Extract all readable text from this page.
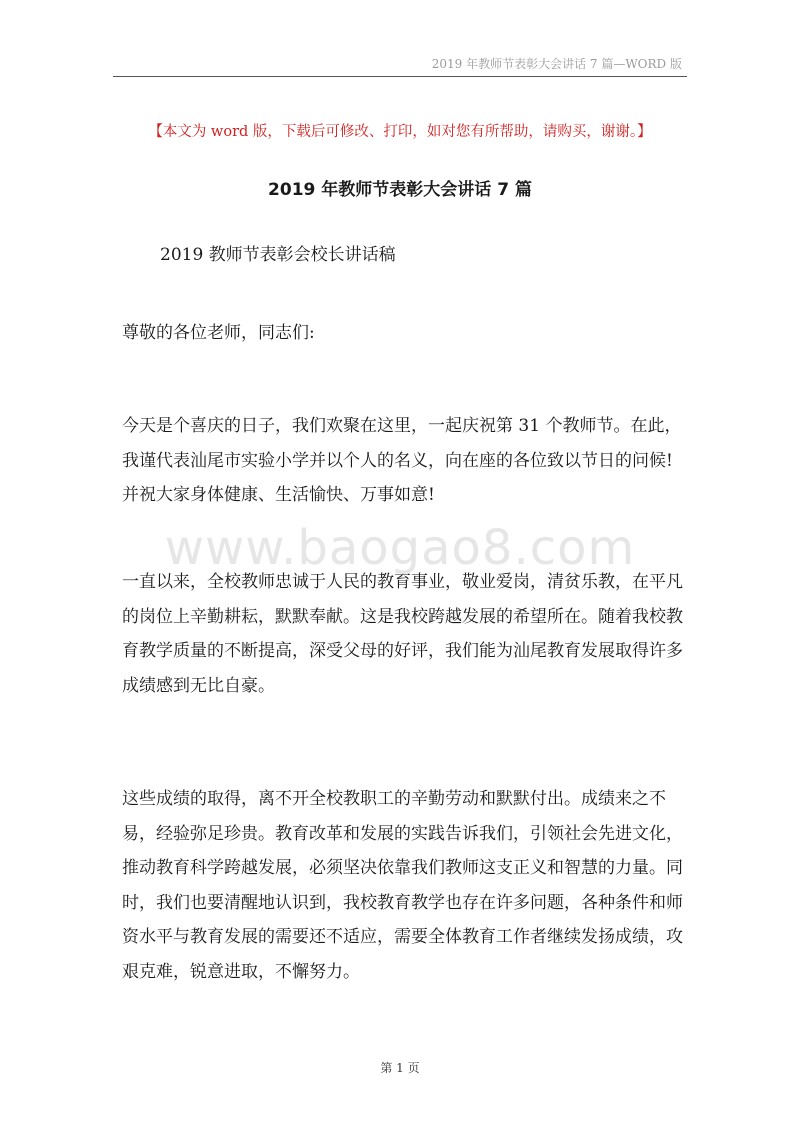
2019 年教师节表彰大会讲话 7 篇—WORD 版
【本文为 word 版，下载后可修改、打印，如对您有所帮助，请购买，谢谢。】
2019 年教师节表彰大会讲话 7 篇
2019 教师节表彰会校长讲话稿

尊敬的各位老师，同志们:

今天是个喜庆的日子，我们欢聚在这里，一起庆祝第 31 个教师节。在此，我谨代表汕尾市实验小学并以个人的名义，向在座的各位致以节日的问候!并祝大家身体健康、生活愉快、万事如意!

一直以来，全校教师忠诚于人民的教育事业，敬业爱岗，清贫乐教，在平凡的岗位上辛勤耕耘，默默奉献。这是我校跨越发展的希望所在。随着我校教育教学质量的不断提高，深受父母的好评，我们能为汕尾教育发展取得许多成绩感到无比自豪。

这些成绩的取得，离不开全校教职工的辛勤劳动和默默付出。成绩来之不易，经验弥足珍贵。教育改革和发展的实践告诉我们，引领社会先进文化，推动教育科学跨越发展，必须坚决依靠我们教师这支正义和智慧的力量。同时，我们也要清醒地认识到，我校教育教学也存在许多问题，各种条件和师资水平与教育发展的需要还不适应，需要全体教育工作者继续发扬成绩，攻艰克难，锐意进取，不懈努力。

www.baogao8.com
第 1 页
